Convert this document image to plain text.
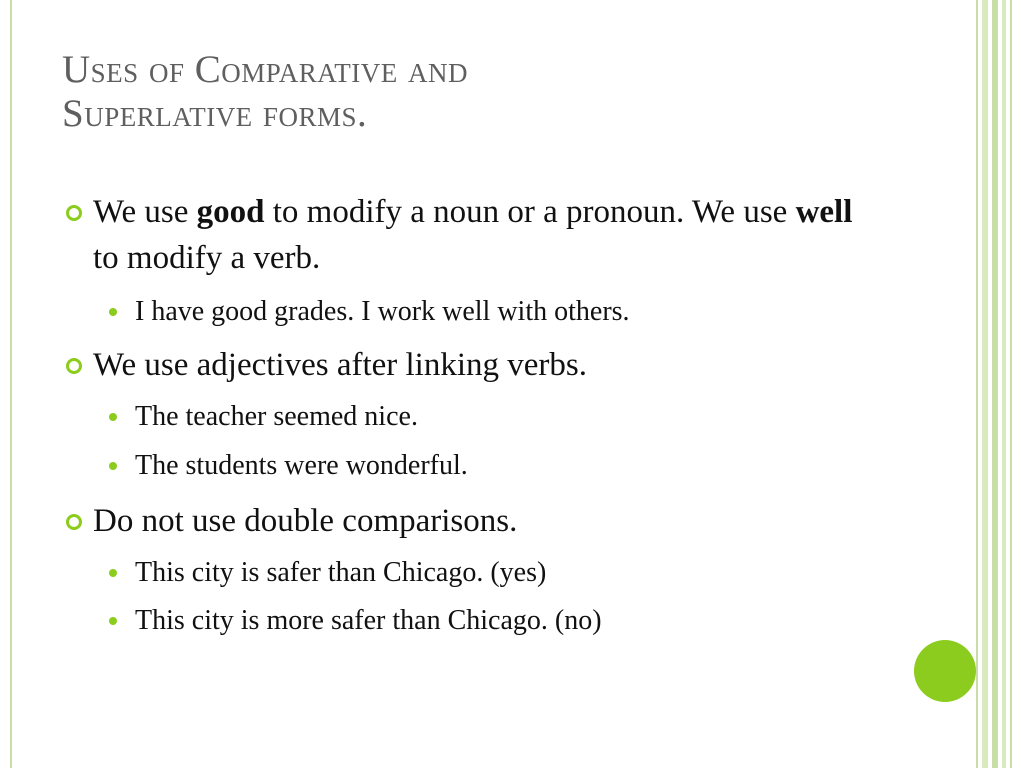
Uses of Comparative and
Superlative forms.
We use good to modify a noun or a pronoun. We use well to modify a verb.
I have good grades. I work well with others.
We use adjectives after linking verbs.
The teacher seemed nice.
The students were wonderful.
Do not use double comparisons.
This city is safer than Chicago. (yes)
This city is more safer than Chicago. (no)
